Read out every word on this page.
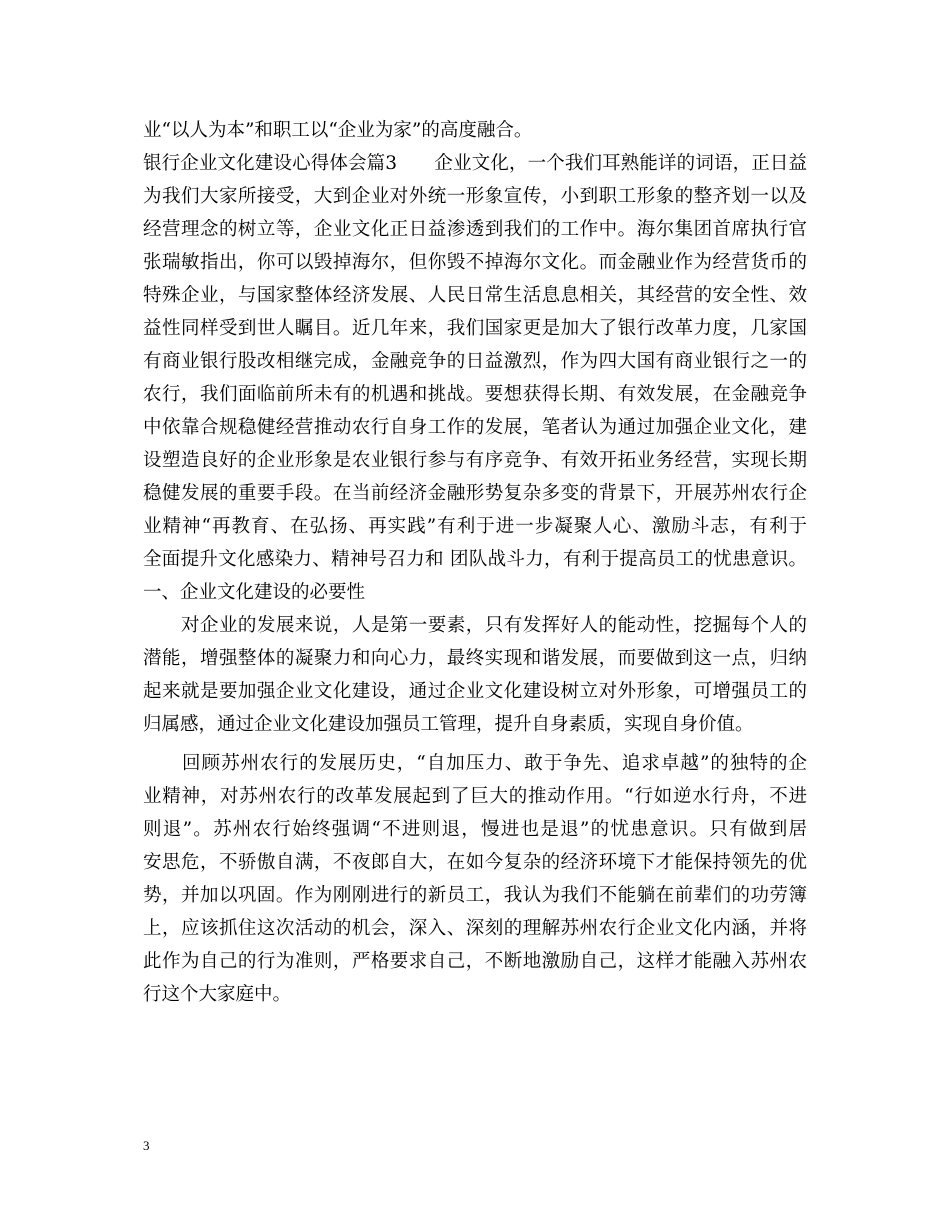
业“以人为本”和职工以“企业为家”的高度融合。
银行企业文化建设心得体会篇3　　企业文化，一个我们耳熟能详的词语，正日益
为我们大家所接受，大到企业对外统一形象宣传，小到职工形象的整齐划一以及
经营理念的树立等，企业文化正日益渗透到我们的工作中。海尔集团首席执行官
张瑞敏指出，你可以毁掉海尔，但你毁不掉海尔文化。而金融业作为经营货币的
特殊企业，与国家整体经济发展、人民日常生活息息相关，其经营的安全性、效
益性同样受到世人瞩目。近几年来，我们国家更是加大了银行改革力度，几家国
有商业银行股改相继完成，金融竞争的日益激烈，作为四大国有商业银行之一的
农行，我们面临前所未有的机遇和挑战。要想获得长期、有效发展，在金融竞争
中依靠合规稳健经营推动农行自身工作的发展，笔者认为通过加强企业文化，建
设塑造良好的企业形象是农业银行参与有序竞争、有效开拓业务经营，实现长期
稳健发展的重要手段。在当前经济金融形势复杂多变的背景下，开展苏州农行企
业精神“再教育、在弘扬、再实践”有利于进一步凝聚人心、激励斗志，有利于
全面提升文化感染力、精神号召力和 团队战斗力，有利于提高员工的忧患意识。
一、企业文化建设的必要性
　　对企业的发展来说，人是第一要素，只有发挥好人的能动性，挖掘每个人的
潜能，增强整体的凝聚力和向心力，最终实现和谐发展，而要做到这一点，归纳
起来就是要加强企业文化建设，通过企业文化建设树立对外形象，可增强员工的
归属感，通过企业文化建设加强员工管理，提升自身素质，实现自身价值。
　　回顾苏州农行的发展历史，“自加压力、敢于争先、追求卓越”的独特的企
业精神，对苏州农行的改革发展起到了巨大的推动作用。“行如逆水行舟，不进
则退”。苏州农行始终强调“不进则退，慢进也是退”的忧患意识。只有做到居
安思危，不骄傲自满，不夜郎自大，在如今复杂的经济环境下才能保持领先的优
势，并加以巩固。作为刚刚进行的新员工，我认为我们不能躺在前辈们的功劳簿
上，应该抓住这次活动的机会，深入、深刻的理解苏州农行企业文化内涵，并将
此作为自己的行为准则，严格要求自己，不断地激励自己，这样才能融入苏州农
行这个大家庭中。
3
